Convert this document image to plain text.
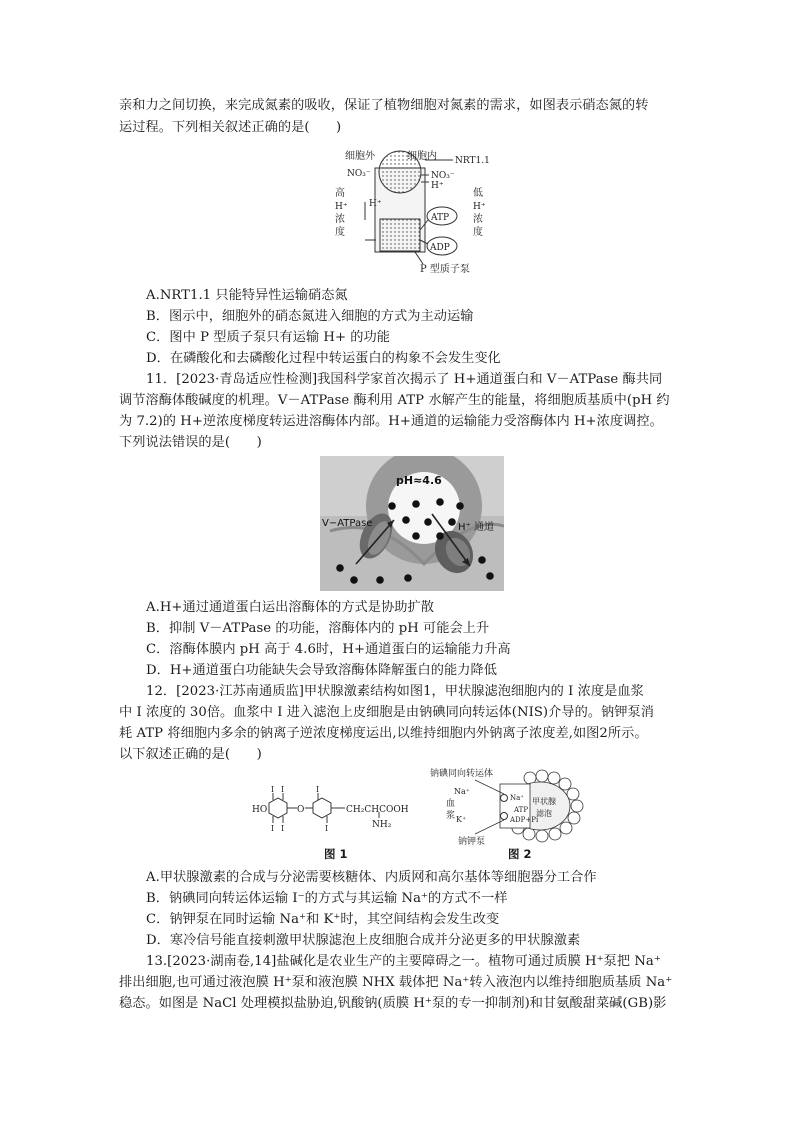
亲和力之间切换，来完成氮素的吸收，保证了植物细胞对氮素的需求，如图表示硝态氮的转
运过程。下列相关叙述正确的是(　　)
细胞外	细胞内 NRT1.1
NO₃⁻	NO₃⁻
H⁺
高
H⁺
浓
度
H⁺
低
H⁺
浓
度
ATP
ADP
P 型质子泵
A.NRT1.1 只能特异性运输硝态氮
B．图示中，细胞外的硝态氮进入细胞的方式为主动运输
C．图中 P 型质子泵只有运输 H+ 的功能
D．在磷酸化和去磷酸化过程中转运蛋白的构象不会发生变化
11．[2023·青岛适应性检测]我国科学家首次揭示了 H+通道蛋白和 V－ATPase 酶共同
调节溶酶体酸碱度的机理。V－ATPase 酶利用 ATP 水解产生的能量，将细胞质基质中(pH 约
为 7.2)的 H+逆浓度梯度转运进溶酶体内部。H+通道的运输能力受溶酶体内 H+浓度调控。
下列说法错误的是(　　)
pH≈4.6
V−ATPase	H⁺ 通道
A.H+通过通道蛋白运出溶酶体的方式是协助扩散
B．抑制 V－ATPase 的功能，溶酶体内的 pH 可能会上升
C．溶酶体膜内 pH 高于 4.6时，H+通道蛋白的运输能力升高
D．H+通道蛋白功能缺失会导致溶酶体降解蛋白的能力降低
12．[2023·江苏南通质监]甲状腺激素结构如图1，甲状腺滤泡细胞内的 I 浓度是血浆
中 I 浓度的 30倍。血浆中 I 进入滤泡上皮细胞是由钠碘同向转运体(NIS)介导的。钠钾泵消
耗 ATP 将细胞内多余的钠离子逆浓度梯度运出,以维持细胞内外钠离子浓度差,如图2所示。
以下叙述正确的是(　　)
HO	O
I I
I I
I
I
CH₂CHCOOH
NH₂
图 1
钠碘同向转运体
Na⁺
Na⁺
血
浆 K⁺
ATP
ADP+Pi
甲状腺
滤泡
钠钾泵
图 2
A.甲状腺激素的合成与分泌需要核糖体、内质网和高尔基体等细胞器分工合作
B．钠碘同向转运体运输 I⁻的方式与其运输 Na⁺的方式不一样
C．钠钾泵在同时运输 Na⁺和 K⁺时，其空间结构会发生改变
D．寒冷信号能直接刺激甲状腺滤泡上皮细胞合成并分泌更多的甲状腺激素
13.[2023·湖南卷,14]盐碱化是农业生产的主要障碍之一。植物可通过质膜 H⁺泵把 Na⁺
排出细胞,也可通过液泡膜 H⁺泵和液泡膜 NHX 载体把 Na⁺转入液泡内以维持细胞质基质 Na⁺
稳态。如图是 NaCl 处理模拟盐胁迫,钒酸钠(质膜 H⁺泵的专一抑制剂)和甘氨酸甜菜碱(GB)影
